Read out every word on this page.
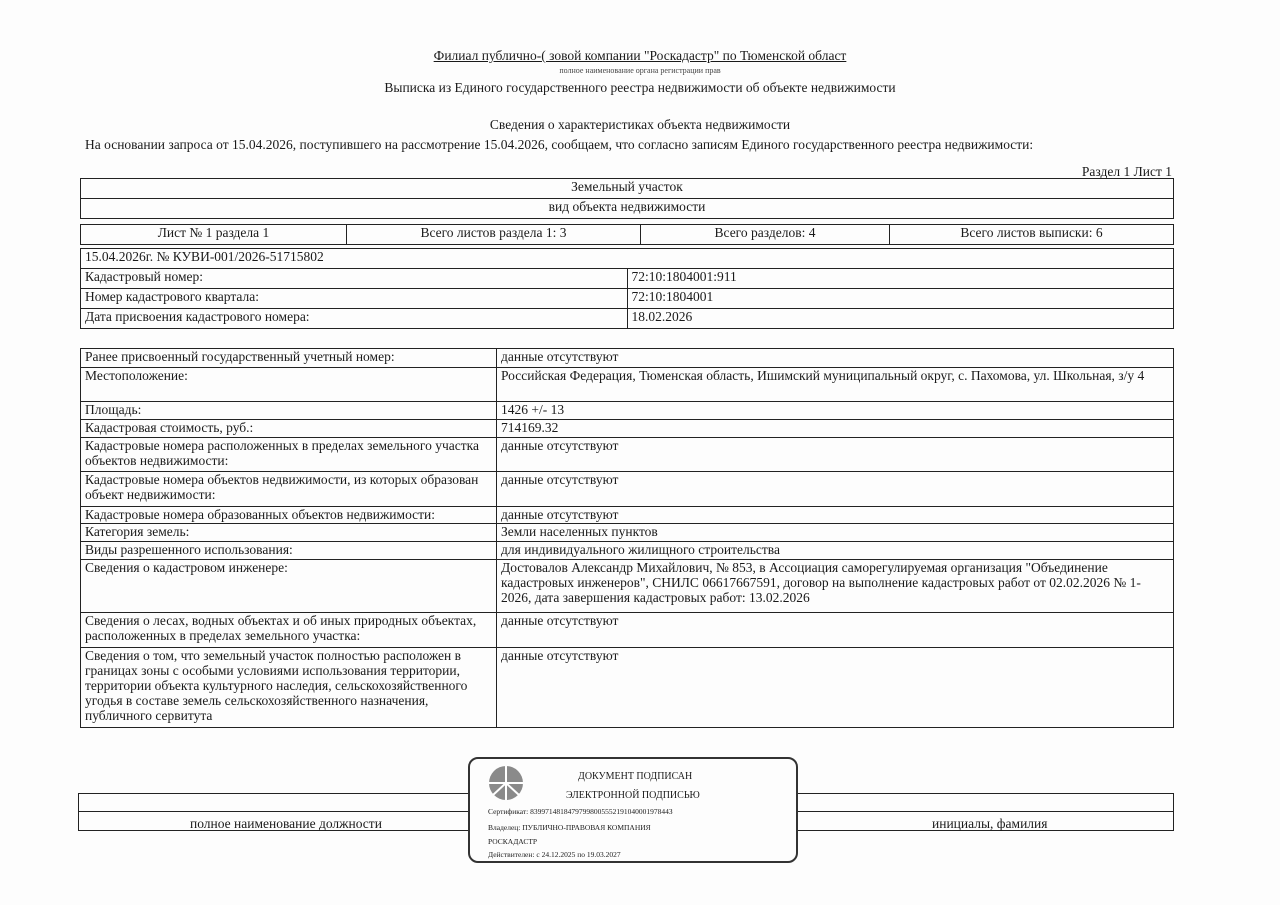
Филиал публично-( зовой компании "Роскадастр" по Тюменской област
полное наименование органа регистрации прав
Выписка из Единого государственного реестра недвижимости об объекте недвижимости
Сведения о характеристиках объекта недвижимости
На основании запроса от 15.04.2026, поступившего на рассмотрение 15.04.2026, сообщаем, что согласно записям Единого государственного реестра недвижимости:
Раздел 1 Лист 1
Земельный участок
вид объекта недвижимости
Лист № 1 раздела 1	Всего листов раздела 1: 3	Всего разделов: 4	Всего листов выписки: 6
15.04.2026г. № КУВИ-001/2026-51715802	
Кадастровый номер:	72:10:1804001:911
Номер кадастрового квартала:	72:10:1804001
Дата присвоения кадастрового номера:	18.02.2026
Ранее присвоенный государственный учетный номер:	данные отсутствуют
Местоположение:	Российская Федерация, Тюменская область, Ишимский муниципальный округ, с. Пахомова, ул. Школьная, з/у 4
Площадь:	1426 +/- 13
Кадастровая стоимость, руб.:	714169.32
Кадастровые номера расположенных в пределах земельного участка объектов недвижимости:	данные отсутствуют
Кадастровые номера объектов недвижимости, из которых образован объект недвижимости:	данные отсутствуют
Кадастровые номера образованных объектов недвижимости:	данные отсутствуют
Категория земель:	Земли населенных пунктов
Виды разрешенного использования:	для индивидуального жилищного строительства
Сведения о кадастровом инженере:	Достовалов Александр Михайлович, № 853, в Ассоциация саморегулируемая организация "Объединение кадастровых инженеров", СНИЛС 06617667591, договор на выполнение кадастровых работ от 02.02.2026 № 1-2026, дата завершения кадастровых работ: 13.02.2026
Сведения о лесах, водных объектах и об иных природных объектах, расположенных в пределах земельного участка:	данные отсутствуют
Сведения о том, что земельный участок полностью расположен в границах зоны с особыми условиями использования территории, территории объекта культурного наследия, сельскохозяйственного угодья в составе земель сельскохозяйственного назначения, публичного сервитута	данные отсутствуют
полное наименование должности	инициалы, фамилия
ДОКУМЕНТ ПОДПИСАН
ЭЛЕКТРОННОЙ ПОДПИСЬЮ
Сертификат: 8399714818479799800555219104000197844З
Владелец: ПУБЛИЧНО-ПРАВОВАЯ КОМПАНИЯ
РОСКАДАСТР
Действителен: с 24.12.2025 по 19.03.2027
